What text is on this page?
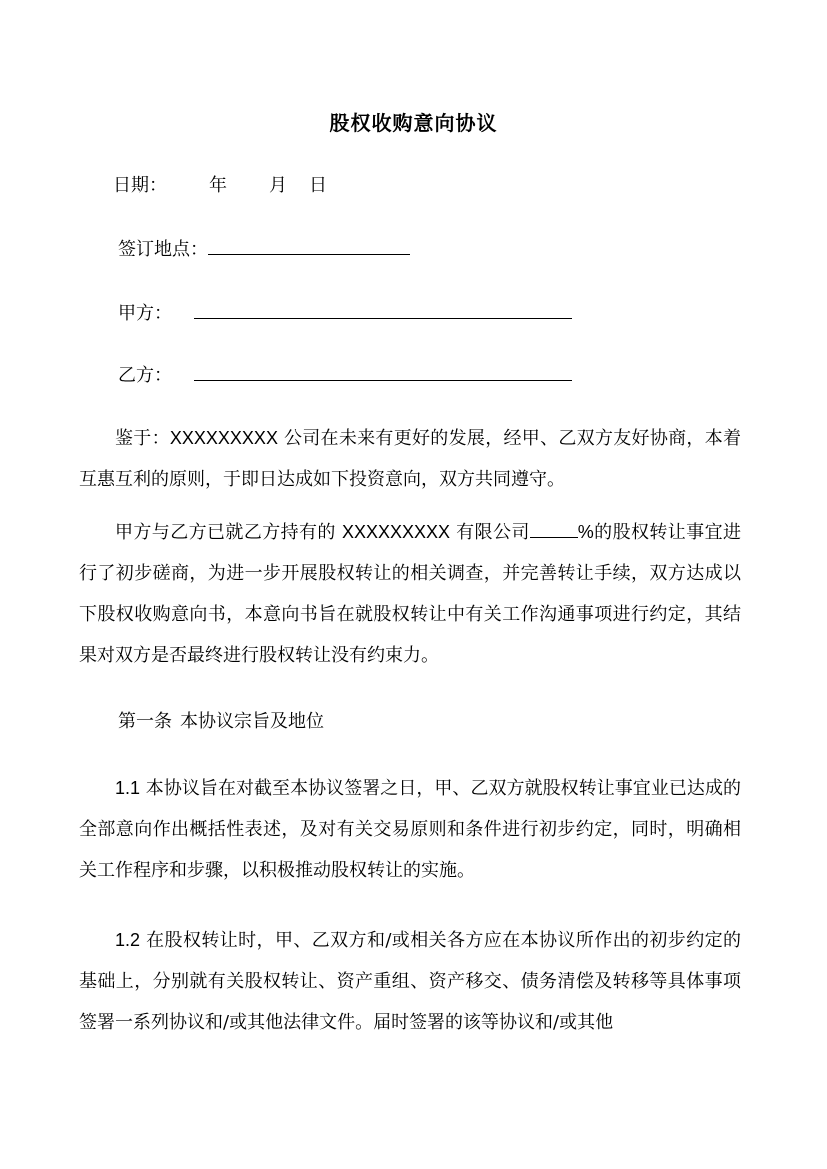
股权收购意向协议
日期： 年 月 日
签订地点：
甲方：
乙方：

鉴于：XXXXXXXXX 公司在未来有更好的发展，经甲、乙双方友好协商，本着互惠互利的原则，于即日达成如下投资意向，双方共同遵守。

甲方与乙方已就乙方持有的 XXXXXXXXX 有限公司	%的股权转让事宜进行了初步磋商，为进一步开展股权转让的相关调查，并完善转让手续，双方达成以下股权收购意向书，本意向书旨在就股权转让中有关工作沟通事项进行约定，其结果对双方是否最终进行股权转让没有约束力。

第一条 本协议宗旨及地位

1.1 本协议旨在对截至本协议签署之日，甲、乙双方就股权转让事宜业已达成的全部意向作出概括性表述，及对有关交易原则和条件进行初步约定，同时，明确相关工作程序和步骤，以积极推动股权转让的实施。

1.2 在股权转让时，甲、乙双方和/或相关各方应在本协议所作出的初步约定的基础上，分别就有关股权转让、资产重组、资产移交、债务清偿及转移等具体事项签署一系列协议和/或其他法律文件。届时签署的该等协议和/或其他
